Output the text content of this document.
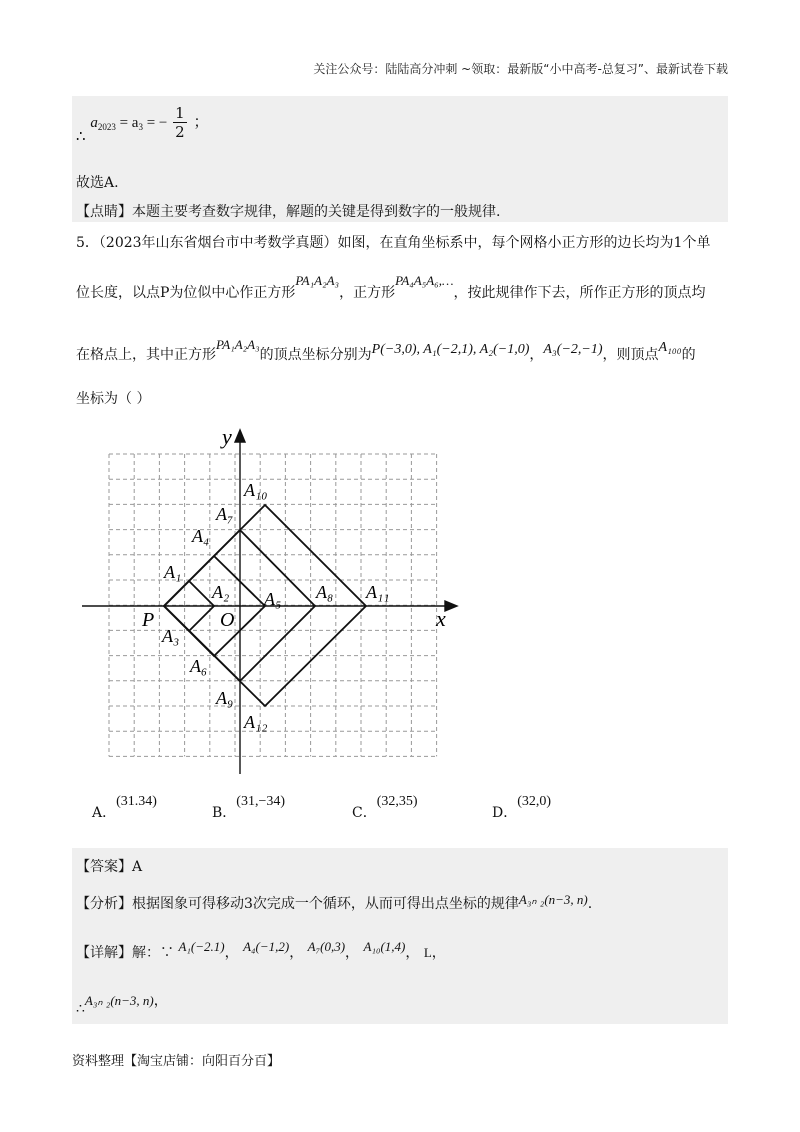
关注公众号：陆陆高分冲刺 ~领取：最新版“小中高考-总复习”、最新试卷下载
∴ $a_{2023} = a_3$ = − $\frac{1}{2}$ ；
故选A.
【点睛】本题主要考查数字规律，解题的关键是得到数字的一般规律.
5．（2023年山东省烟台市中考数学真题）如图，在直角坐标系中，每个网格小正方形的边长均为1个单
位长度，以点P为位似中心作正方形PA₁A₂A₃，正方形PA₄A₅A₆,…，按此规律作下去，所作正方形的顶点均
在格点上，其中正方形PA₁A₂A₃的顶点坐标分别为P(−3,0), A₁(−2,1), A₂(−1,0)，A₃(−2,−1)，则顶点A₁₀₀的
坐标为（ ）
x
y
O
P
A₁
A₂
A₃
A₄
A₅
A₆
A₇
A₈
A₉
A₁₀
A₁₁
A₁₂
A．(31.34)
B．(31,−34)
C．(32,35)
D．(32,0)
【答案】A
【分析】根据图象可得移动3次完成一个循环，从而可得出点坐标的规律A₃ₙ ₂(n−3, n).
【详解】解：∵ A₁(−2.1)， A₄(−1,2)， A₇(0,3)， A₁₀(1,4)， L，
∴A₃ₙ ₂(n−3, n)，
资料整理【淘宝店铺：向阳百分百】
